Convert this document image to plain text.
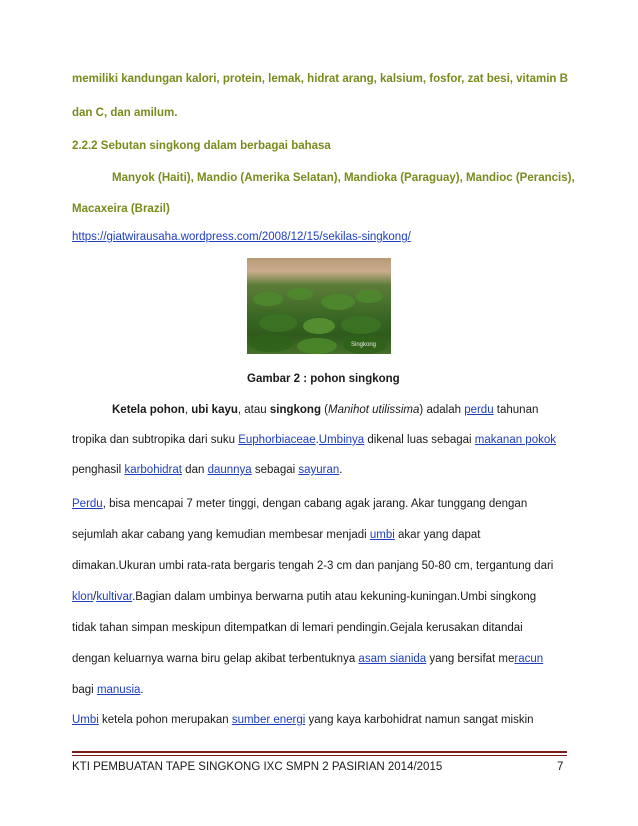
memiliki kandungan kalori, protein, lemak, hidrat arang, kalsium, fosfor, zat besi, vitamin B
dan C, dan amilum.
2.2.2 Sebutan singkong dalam berbagai bahasa
Manyok (Haiti), Mandio (Amerika Selatan), Mandioka (Paraguay), Mandioc (Perancis),
Macaxeira (Brazil)
https://giatwirausaha.wordpress.com/2008/12/15/sekilas-singkong/
Singkong
Gambar 2 : pohon singkong
Ketela pohon, ubi kayu, atau singkong (Manihot utilissima) adalah perdu tahunan
tropika dan subtropika dari suku Euphorbiaceae.Umbinya dikenal luas sebagai makanan pokok
penghasil karbohidrat dan daunnya sebagai sayuran.
Perdu, bisa mencapai 7 meter tinggi, dengan cabang agak jarang. Akar tunggang dengan
sejumlah akar cabang yang kemudian membesar menjadi umbi akar yang dapat
dimakan.Ukuran umbi rata-rata bergaris tengah 2-3 cm dan panjang 50-80 cm, tergantung dari
klon/kultivar.Bagian dalam umbinya berwarna putih atau kekuning-kuningan.Umbi singkong
tidak tahan simpan meskipun ditempatkan di lemari pendingin.Gejala kerusakan ditandai
dengan keluarnya warna biru gelap akibat terbentuknya asam sianida yang bersifat meracun
bagi manusia.
Umbi ketela pohon merupakan sumber energi yang kaya karbohidrat namun sangat miskin
KTI PEMBUATAN TAPE SINGKONG IXC SMPN 2 PASIRIAN 2014/2015	7
